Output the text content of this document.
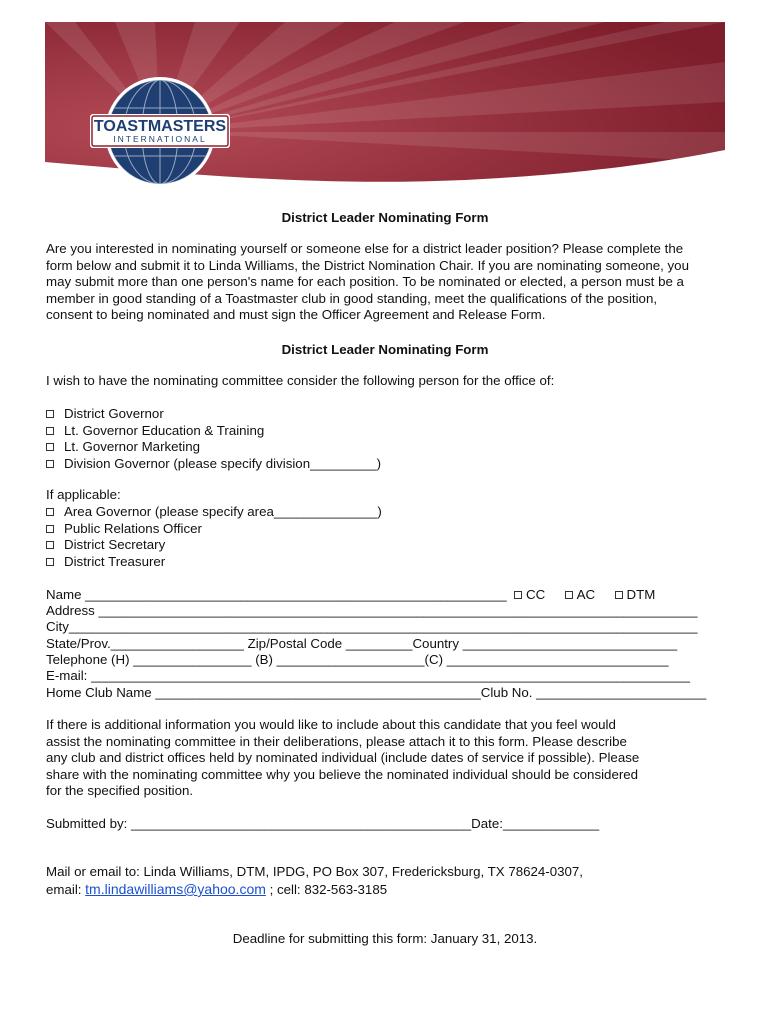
TOASTMASTERS
INTERNATIONAL
District Leader Nominating Form
Are you interested in nominating yourself or someone else for a district leader position? Please complete the
form below and submit it to Linda Williams, the District Nomination Chair. If you are nominating someone, you
may submit more than one person's name for each position. To be nominated or elected, a person must be a
member in good standing of a Toastmaster club in good standing, meet the qualifications of the position,
consent to being nominated and must sign the Officer Agreement and Release Form.
District Leader Nominating Form
I wish to have the nominating committee consider the following person for the office of:
District Governor
Lt. Governor Education & Training
Lt. Governor Marketing
Division Governor (please specify division_________)
If applicable:
Area Governor (please specify area______________)
Public Relations Officer
District Secretary
District Treasurer
Name _________________________________________________________	CC AC DTM
Address _________________________________________________________________________________
City_____________________________________________________________________________________
State/Prov.__________________ Zip/Postal Code _________Country _____________________________
Telephone (H) ________________ (B) ____________________(C) ______________________________
E-mail: _________________________________________________________________________________
Home Club Name ____________________________________________Club No. _______________________
If there is additional information you would like to include about this candidate that you feel would
assist the nominating committee in their deliberations, please attach it to this form. Please describe
any club and district offices held by nominated individual (include dates of service if possible). Please
share with the nominating committee why you believe the nominated individual should be considered
for the specified position.
Submitted by: ______________________________________________Date:_____________
Mail or email to: Linda Williams, DTM, IPDG, PO Box 307, Fredericksburg, TX 78624-0307,
email: tm.lindawilliams@yahoo.com ; cell: 832-563-3185
Deadline for submitting this form: January 31, 2013.
